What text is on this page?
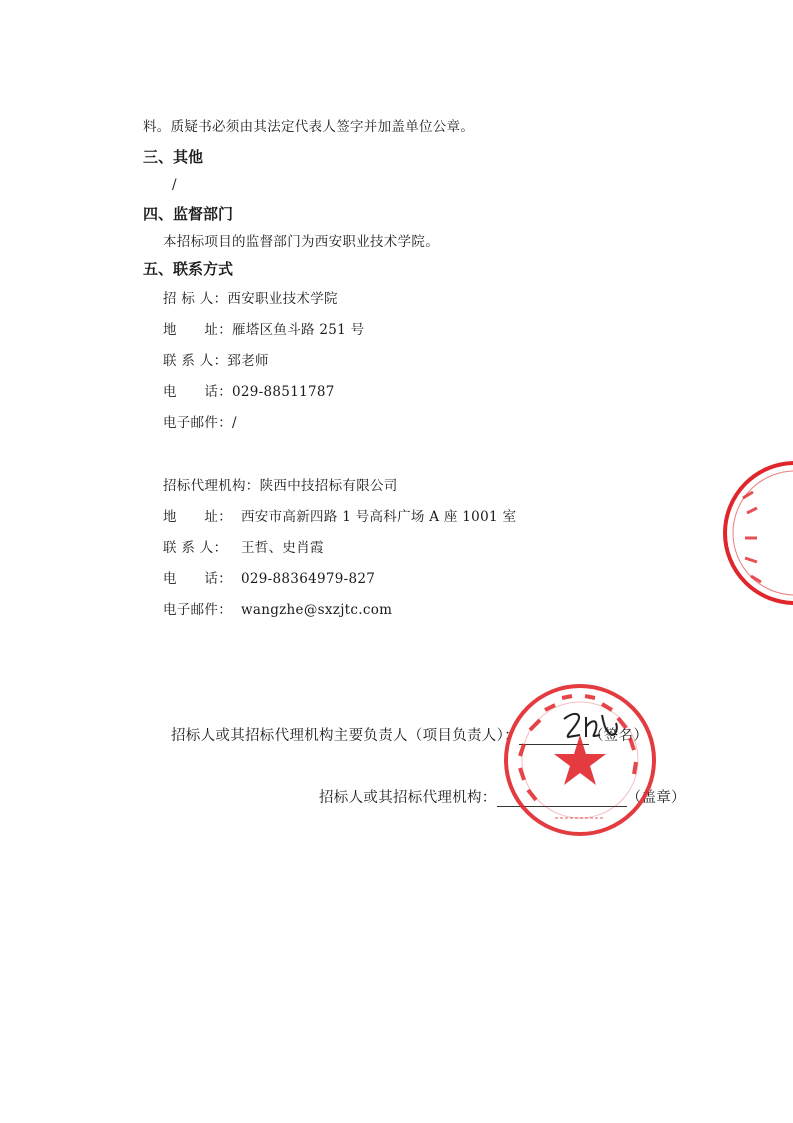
料。质疑书必须由其法定代表人签字并加盖单位公章。
三、其他
/
四、监督部门
本招标项目的监督部门为西安职业技术学院。
五、联系方式
招 标 人：西安职业技术学院
地　　址：雁塔区鱼斗路 251 号
联 系 人：郅老师
电　　话：029-88511787
电子邮件：/
招标代理机构：陕西中技招标有限公司
地　　址： 西安市高新四路 1 号高科广场 A 座 1001 室
联 系 人： 王哲、史肖霞
电　　话： 029-88364979-827
电子邮件： wangzhe@sxzjtc.com
招标人或其招标代理机构主要负责人（项目负责人）：	（签名）
招标人或其招标代理机构：	（盖章）
